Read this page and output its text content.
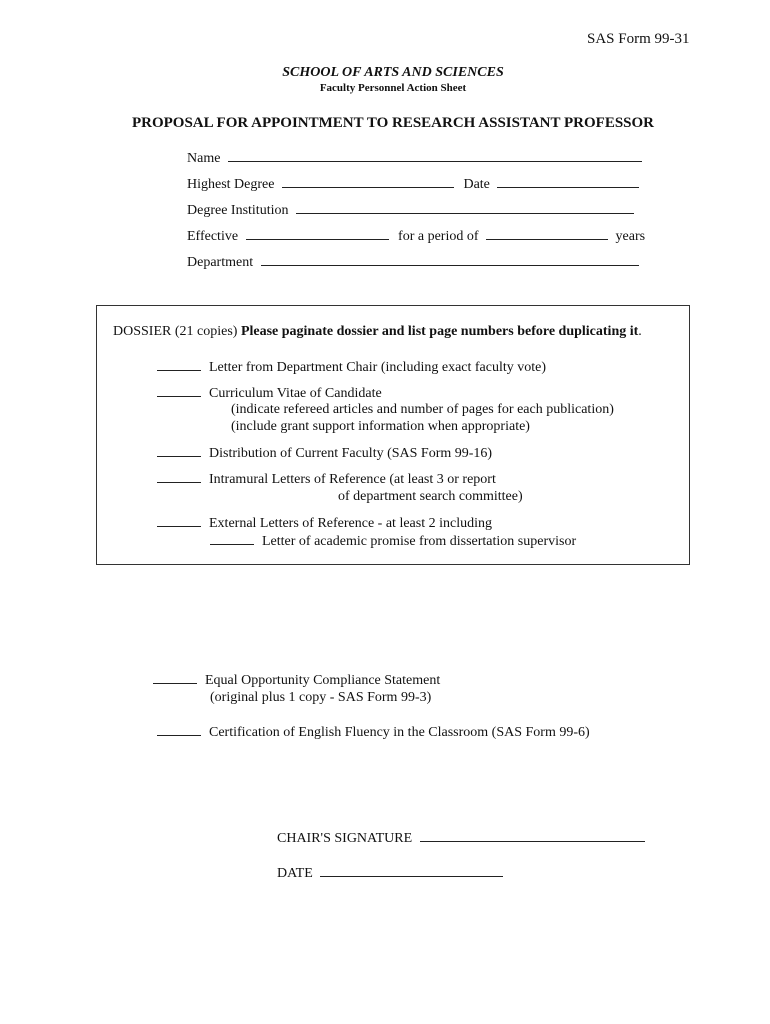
SAS Form 99-31
SCHOOL OF ARTS AND SCIENCES
Faculty Personnel Action Sheet
PROPOSAL FOR APPOINTMENT TO RESEARCH ASSISTANT PROFESSOR
Name
Highest Degree	Date
Degree Institution
Effective	for a period of	years
Department
DOSSIER (21 copies) Please paginate dossier and list page numbers before duplicating it.
Letter from Department Chair (including exact faculty vote)
Curriculum Vitae of Candidate
(indicate refereed articles and number of pages for each publication)
(include grant support information when appropriate)
Distribution of Current Faculty (SAS Form 99-16)
Intramural Letters of Reference (at least 3 or report
of department search committee)
External Letters of Reference - at least 2 including
Letter of academic promise from dissertation supervisor
Equal Opportunity Compliance Statement
(original plus 1 copy - SAS Form 99-3)
Certification of English Fluency in the Classroom (SAS Form 99-6)
CHAIR'S SIGNATURE
DATE
